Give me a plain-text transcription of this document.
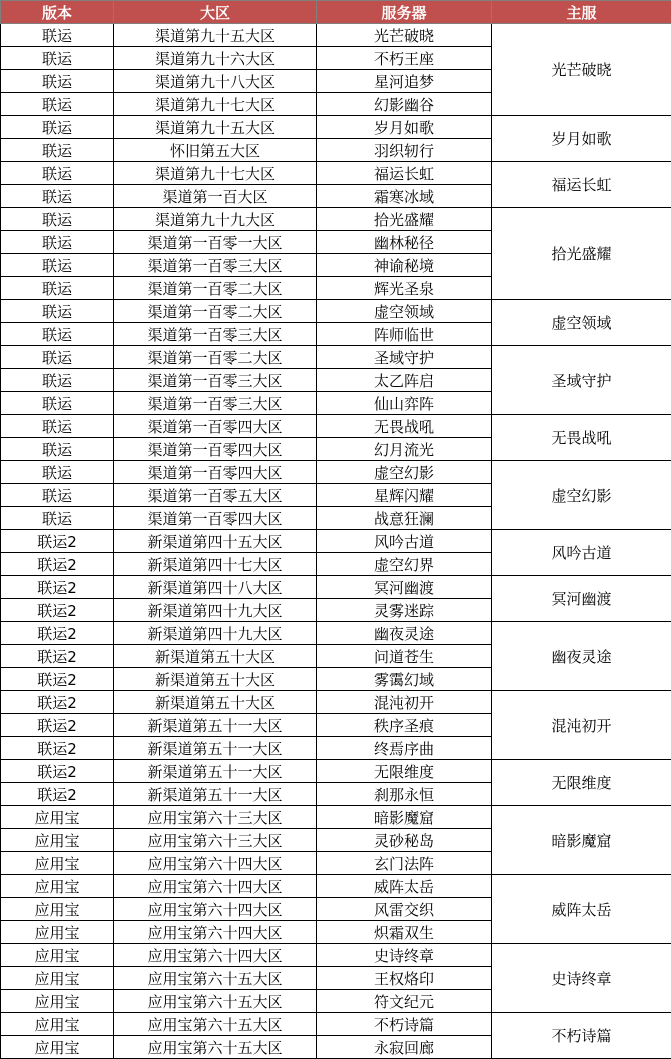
版本	大区	服务器	主服
联运	渠道第九十五大区	光芒破晓	光芒破晓
联运	渠道第九十六大区	不朽王座	
联运	渠道第九十八大区	星河追梦	
联运	渠道第九十七大区	幻影幽谷	
联运	渠道第九十五大区	岁月如歌	岁月如歌
联运	怀旧第五大区	羽织轫行	
联运	渠道第九十七大区	福运长虹	福运长虹
联运	渠道第一百大区	霜寒冰域	
联运	渠道第九十九大区	拾光盛耀	拾光盛耀
联运	渠道第一百零一大区	幽林秘径	
联运	渠道第一百零三大区	神谕秘境	
联运	渠道第一百零二大区	辉光圣泉	
联运	渠道第一百零二大区	虚空领域	虚空领域
联运	渠道第一百零三大区	阵师临世	
联运	渠道第一百零二大区	圣域守护	圣域守护
联运	渠道第一百零三大区	太乙阵启	
联运	渠道第一百零三大区	仙山弈阵	
联运	渠道第一百零四大区	无畏战吼	无畏战吼
联运	渠道第一百零四大区	幻月流光	
联运	渠道第一百零四大区	虚空幻影	虚空幻影
联运	渠道第一百零五大区	星辉闪耀	
联运	渠道第一百零四大区	战意狂澜	
联运2	新渠道第四十五大区	风吟古道	风吟古道
联运2	新渠道第四十七大区	虚空幻界	
联运2	新渠道第四十八大区	冥河幽渡	冥河幽渡
联运2	新渠道第四十九大区	灵雾迷踪	
联运2	新渠道第四十九大区	幽夜灵途	幽夜灵途
联运2	新渠道第五十大区	问道苍生	
联运2	新渠道第五十大区	雾霭幻域	
联运2	新渠道第五十大区	混沌初开	混沌初开
联运2	新渠道第五十一大区	秩序圣痕	
联运2	新渠道第五十一大区	终焉序曲	
联运2	新渠道第五十一大区	无限维度	无限维度
联运2	新渠道第五十一大区	刹那永恒	
应用宝	应用宝第六十三大区	暗影魔窟	暗影魔窟
应用宝	应用宝第六十三大区	灵砂秘岛	
应用宝	应用宝第六十四大区	玄门法阵	
应用宝	应用宝第六十四大区	威阵太岳	威阵太岳
应用宝	应用宝第六十四大区	风雷交织	
应用宝	应用宝第六十四大区	炽霜双生	
应用宝	应用宝第六十四大区	史诗终章	史诗终章
应用宝	应用宝第六十五大区	王权烙印	
应用宝	应用宝第六十五大区	符文纪元	
应用宝	应用宝第六十五大区	不朽诗篇	不朽诗篇
应用宝	应用宝第六十五大区	永寂回廊	
